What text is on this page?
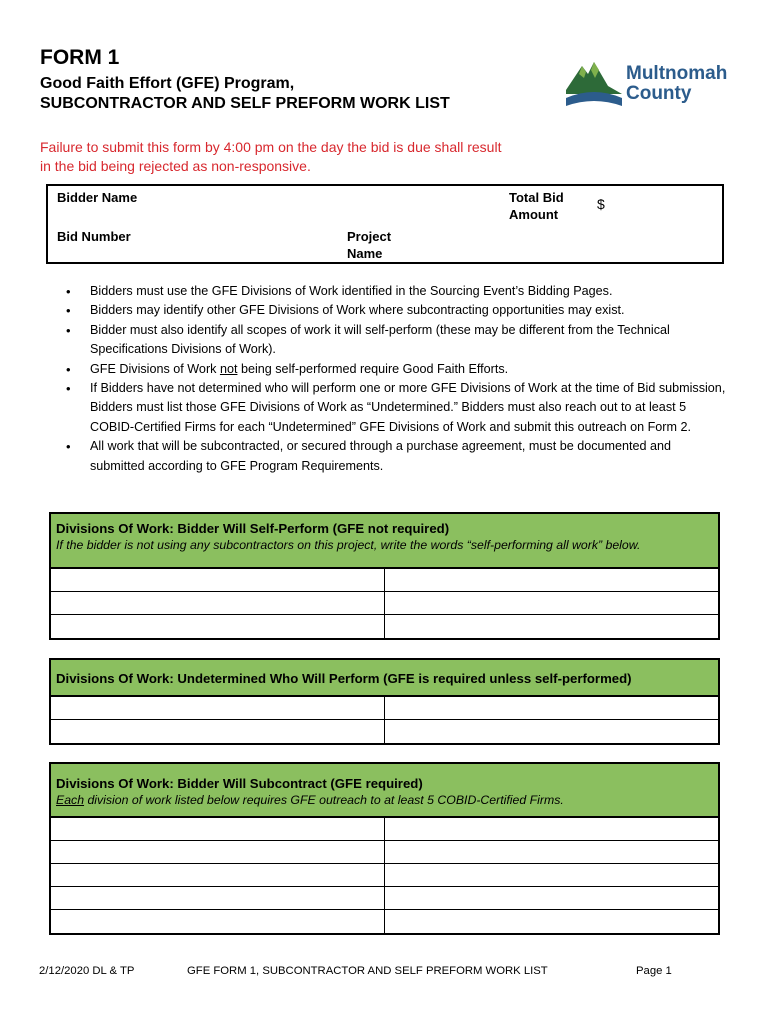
FORM 1
Good Faith Effort (GFE) Program,
SUBCONTRACTOR AND SELF PREFORM WORK LIST
Multnomah
County
Failure to submit this form by 4:00 pm on the day the bid is due shall result in the bid being rejected as non-responsive.
Bidder Name	Total Bid Amount
$
Bid Number	Project Name
• Bidders must use the GFE Divisions of Work identified in the Sourcing Event’s Bidding Pages.
• Bidders may identify other GFE Divisions of Work where subcontracting opportunities may exist.
• Bidder must also identify all scopes of work it will self-perform (these may be different from the Technical Specifications Divisions of Work).
• GFE Divisions of Work not being self-performed require Good Faith Efforts.
• If Bidders have not determined who will perform one or more GFE Divisions of Work at the time of Bid submission, Bidders must list those GFE Divisions of Work as “Undetermined.” Bidders must also reach out to at least 5 COBID-Certified Firms for each “Undetermined” GFE Divisions of Work and submit this outreach on Form 2.
• All work that will be subcontracted, or secured through a purchase agreement, must be documented and submitted according to GFE Program Requirements.
Divisions Of Work: Bidder Will Self-Perform (GFE not required)
If the bidder is not using any subcontractors on this project, write the words “self-performing all work” below.
Divisions Of Work: Undetermined Who Will Perform (GFE is required unless self-performed)
Divisions Of Work: Bidder Will Subcontract (GFE required)
Each division of work listed below requires GFE outreach to at least 5 COBID-Certified Firms.
2/12/2020 DL & TP	GFE FORM 1, SUBCONTRACTOR AND SELF PREFORM WORK LIST	Page 1
